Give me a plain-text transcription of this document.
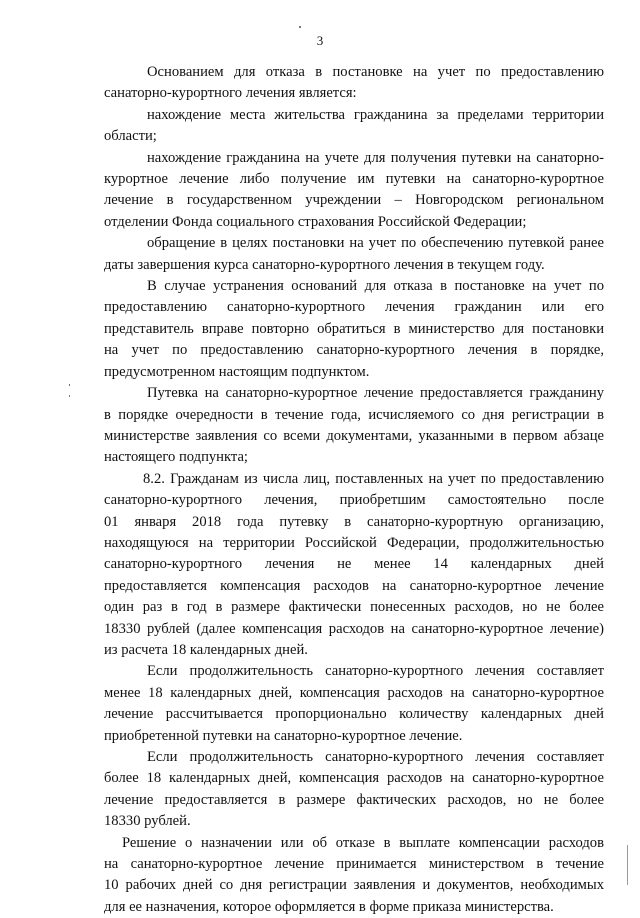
3

Основанием для отказа в постановке на учет по предоставлению

санаторно-курортного лечения является:

нахождение места жительства гражданина за пределами территории

области;

нахождение гражданина на учете для получения путевки на санаторно-

курортное лечение либо получение им путевки на санаторно-курортное

лечение в государственном учреждении – Новгородском региональном

отделении Фонда социального страхования Российской Федерации;

обращение в целях постановки на учет по обеспечению путевкой ранее

даты завершения курса санаторно-курортного лечения в текущем году.

В случае устранения оснований для отказа в постановке на учет по

предоставлению санаторно-курортного лечения гражданин или его

представитель вправе повторно обратиться в министерство для постановки

на учет по предоставлению санаторно-курортного лечения в порядке,

предусмотренном настоящим подпунктом.

Путевка на санаторно-курортное лечение предоставляется гражданину

в порядке очередности в течение года, исчисляемого со дня регистрации в

министерстве заявления со всеми документами, указанными в первом абзаце

настоящего подпункта;

8.2. Гражданам из числа лиц, поставленных на учет по предоставлению

санаторно-курортного лечения, приобретшим самостоятельно после

01 января 2018 года путевку в санаторно-курортную организацию,

находящуюся на территории Российской Федерации, продолжительностью

санаторно-курортного лечения не менее 14 календарных дней

предоставляется компенсация расходов на санаторно-курортное лечение

один раз в год в размере фактически понесенных расходов, но не более

18330 рублей (далее компенсация расходов на санаторно-курортное лечение)

из расчета 18 календарных дней.

Если продолжительность санаторно-курортного лечения составляет

менее 18 календарных дней, компенсация расходов на санаторно-курортное

лечение рассчитывается пропорционально количеству календарных дней

приобретенной путевки на санаторно-курортное лечение.

Если продолжительность санаторно-курортного лечения составляет

более 18 календарных дней, компенсация расходов на санаторно-курортное

лечение предоставляется в размере фактических расходов, но не более

18330 рублей.

Решение о назначении или об отказе в выплате компенсации расходов

на санаторно-курортное лечение принимается министерством в течение

10 рабочих дней со дня регистрации заявления и документов, необходимых

для ее назначения, которое оформляется в форме приказа министерства.
